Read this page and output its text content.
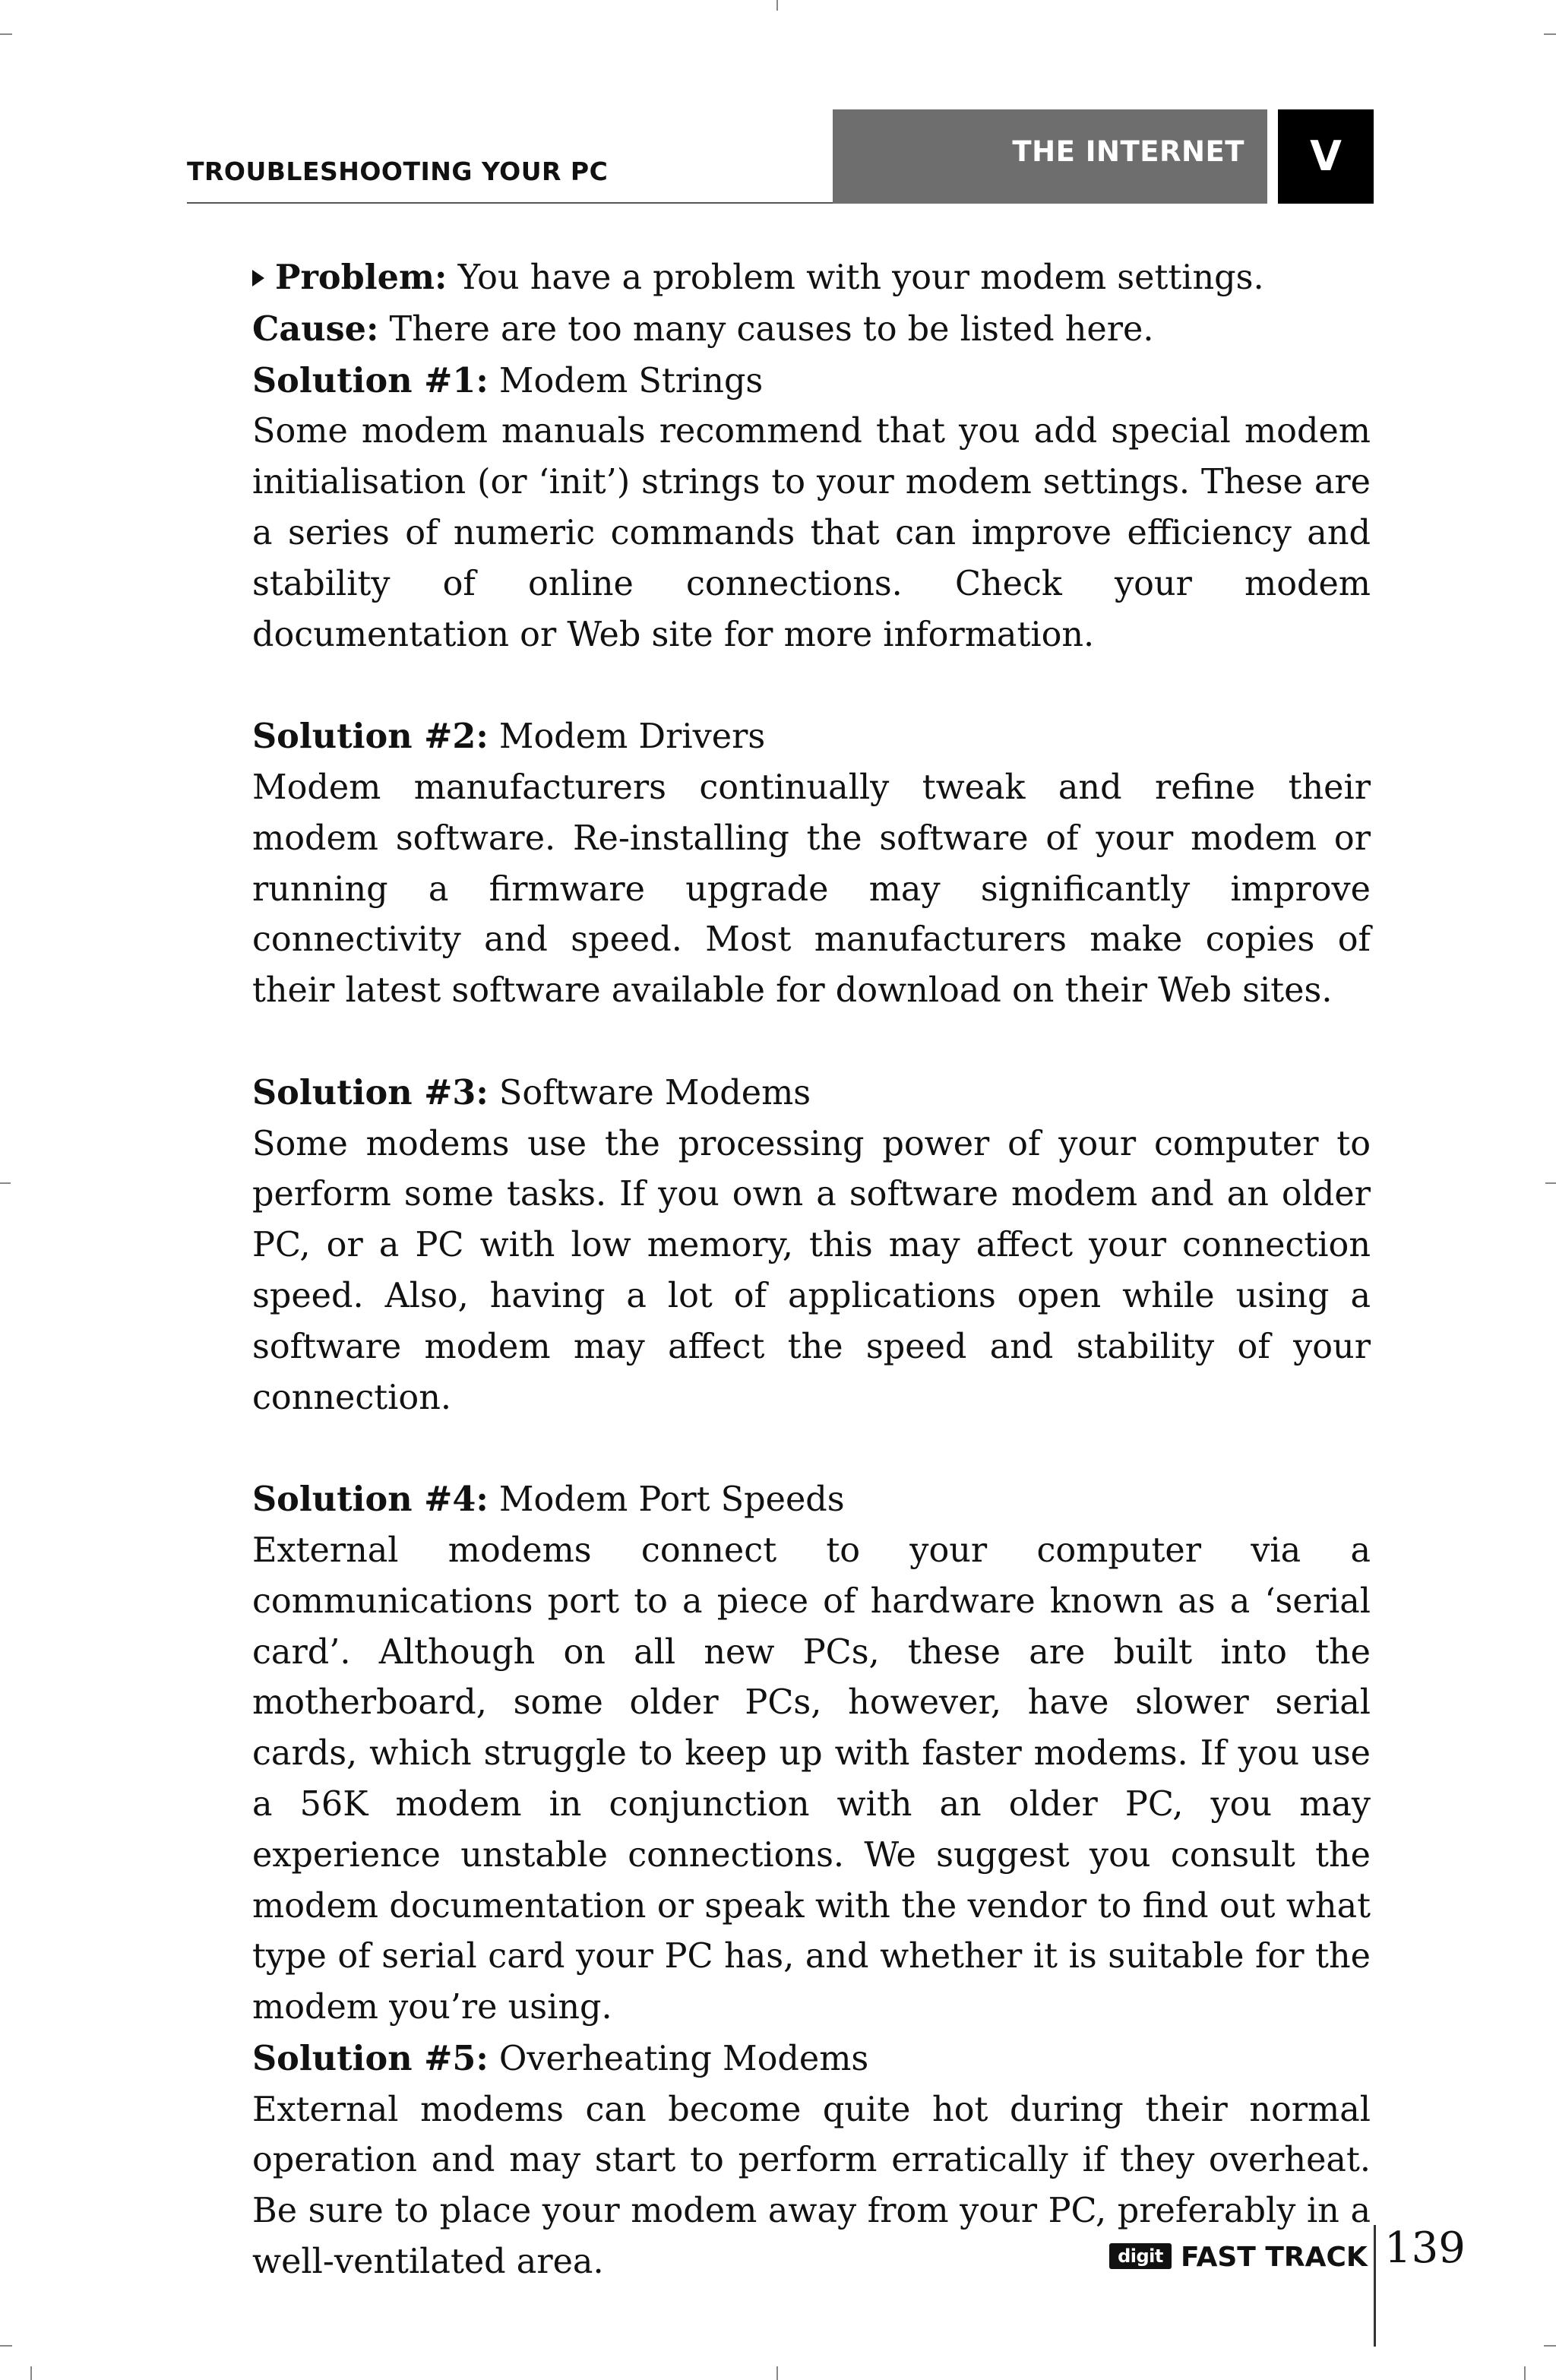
TROUBLESHOOTING YOUR PC
THE INTERNET	V

Problem: You have a problem with your modem settings.

Cause: There are too many causes to be listed here.

Solution #1: Modem Strings

Some modem manuals recommend that you add special modem initialisation (or ‘init’) strings to your modem settings. These are a series of numeric commands that can improve efficiency and stability of online connections. Check your modem documentation or Web site for more information.

Solution #2: Modem Drivers

Modem manufacturers continually tweak and refine their modem software. Re-installing the software of your modem or running a firmware upgrade may significantly improve connectivity and speed. Most manufacturers make copies of their latest software available for download on their Web sites.

Solution #3: Software Modems

Some modems use the processing power of your computer to perform some tasks. If you own a software modem and an older PC, or a PC with low memory, this may affect your connection speed. Also, having a lot of applications open while using a software modem may affect the speed and stability of your connection.

Solution #4: Modem Port Speeds

External modems connect to your computer via a communications port to a piece of hardware known as a ‘serial card’. Although on all new PCs, these are built into the motherboard, some older PCs, however, have slower serial cards, which struggle to keep up with faster modems. If you use a 56K modem in conjunction with an older PC, you may experience unstable connections. We suggest you consult the modem documentation or speak with the vendor to find out what type of serial card your PC has, and whether it is suitable for the modem you’re using.

Solution #5: Overheating Modems

External modems can become quite hot during their normal operation and may start to perform erratically if they overheat. Be sure to place your modem away from your PC, preferably in a well-ventilated area.	digit FAST TRACK 139
